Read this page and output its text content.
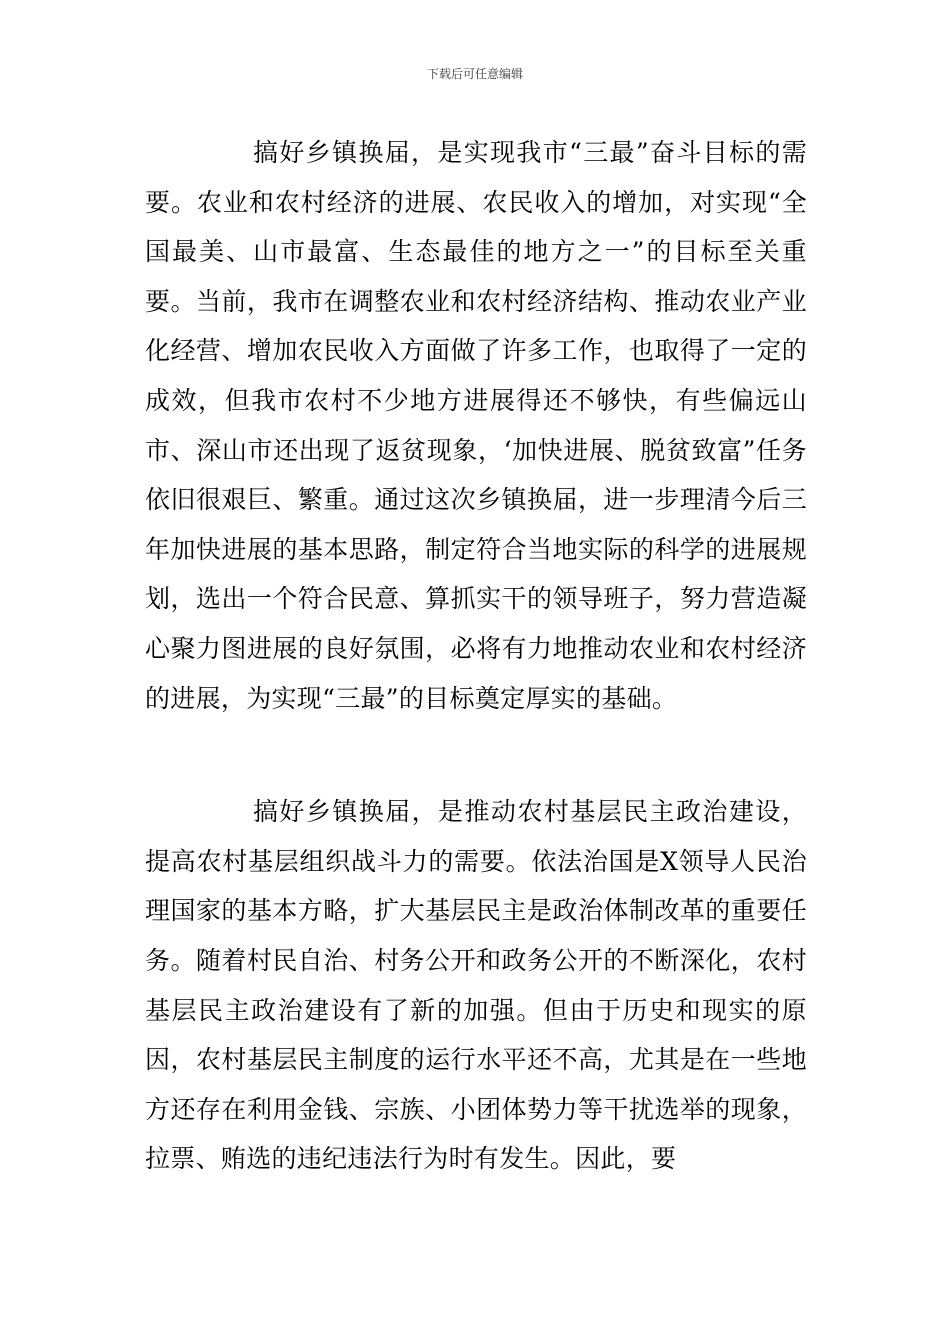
下载后可任意编辑

搞好乡镇换届，是实现我市“三最”奋斗目标的需要。农业和农村经济的进展、农民收入的增加，对实现“全国最美、山市最富、生态最佳的地方之一”的目标至关重要。当前，我市在调整农业和农村经济结构、推动农业产业化经营、增加农民收入方面做了许多工作，也取得了一定的成效，但我市农村不少地方进展得还不够快，有些偏远山市、深山市还出现了返贫现象，‘加快进展、脱贫致富”任务依旧很艰巨、繁重。通过这次乡镇换届，进一步理清今后三年加快进展的基本思路，制定符合当地实际的科学的进展规划，选出一个符合民意、算抓实干的领导班子，努力营造凝心聚力图进展的良好氛围，必将有力地推动农业和农村经济的进展，为实现“三最”的目标奠定厚实的基础。

搞好乡镇换届，是推动农村基层民主政治建设，提高农村基层组织战斗力的需要。依法治国是X领导人民治理国家的基本方略，扩大基层民主是政治体制改革的重要任务。随着村民自治、村务公开和政务公开的不断深化，农村基层民主政治建设有了新的加强。但由于历史和现实的原因，农村基层民主制度的运行水平还不高，尤其是在一些地方还存在利用金钱、宗族、小团体势力等干扰选举的现象，拉票、贿选的违纪违法行为时有发生。因此，要
